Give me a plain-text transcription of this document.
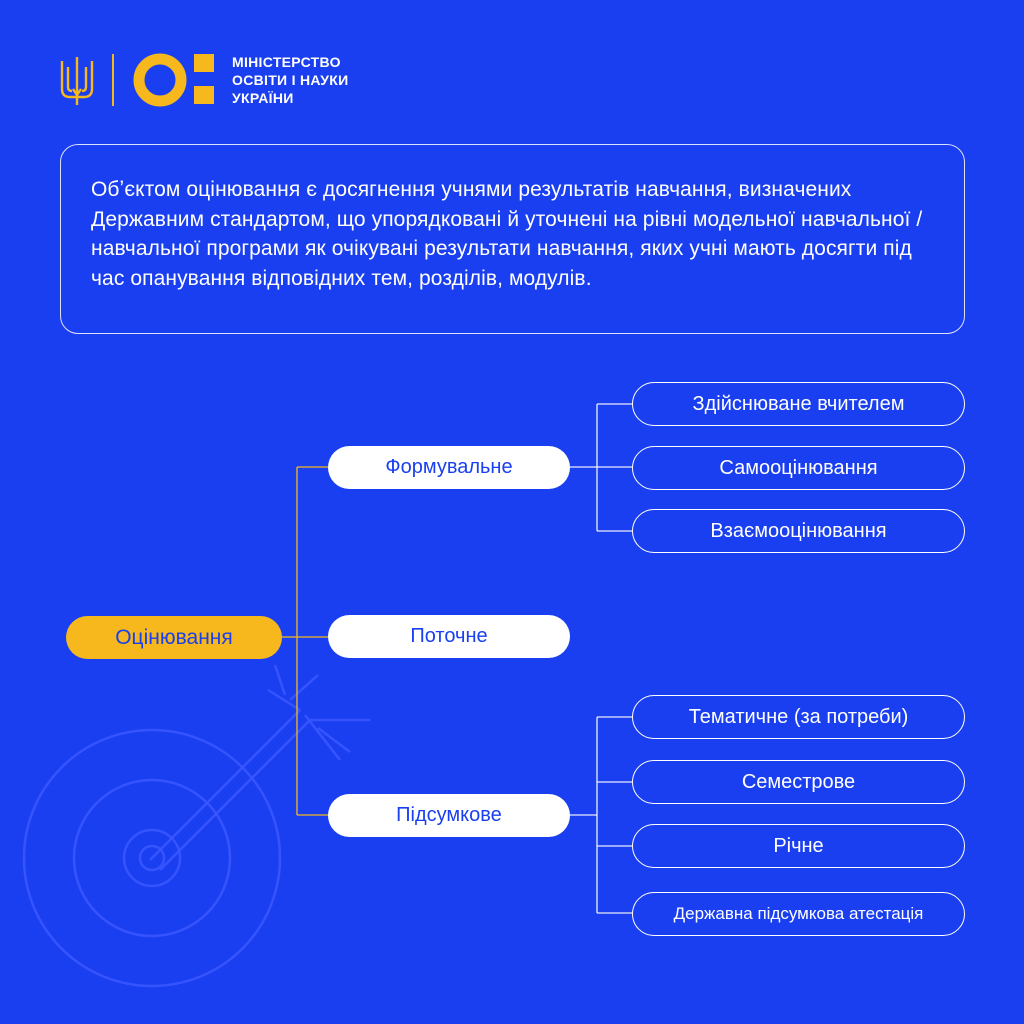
МІНІСТЕРСТВО
ОСВІТИ І НАУКИ
УКРАЇНИ

Обʼєктом оцінювання є досягнення учнями результатів навчання, визначених Державним стандартом, що упорядковані й уточнені на рівні модельної навчальної / навчальної програми як очікувані результати навчання, яких учні мають досягти під час опанування відповідних тем, розділів, модулів.

Оцінювання
Формувальне
Поточне
Підсумкове
Здійснюване вчителем
Самооцінювання
Взаємооцінювання
Тематичне (за потреби)
Семестрове
Річне
Державна підсумкова атестація
